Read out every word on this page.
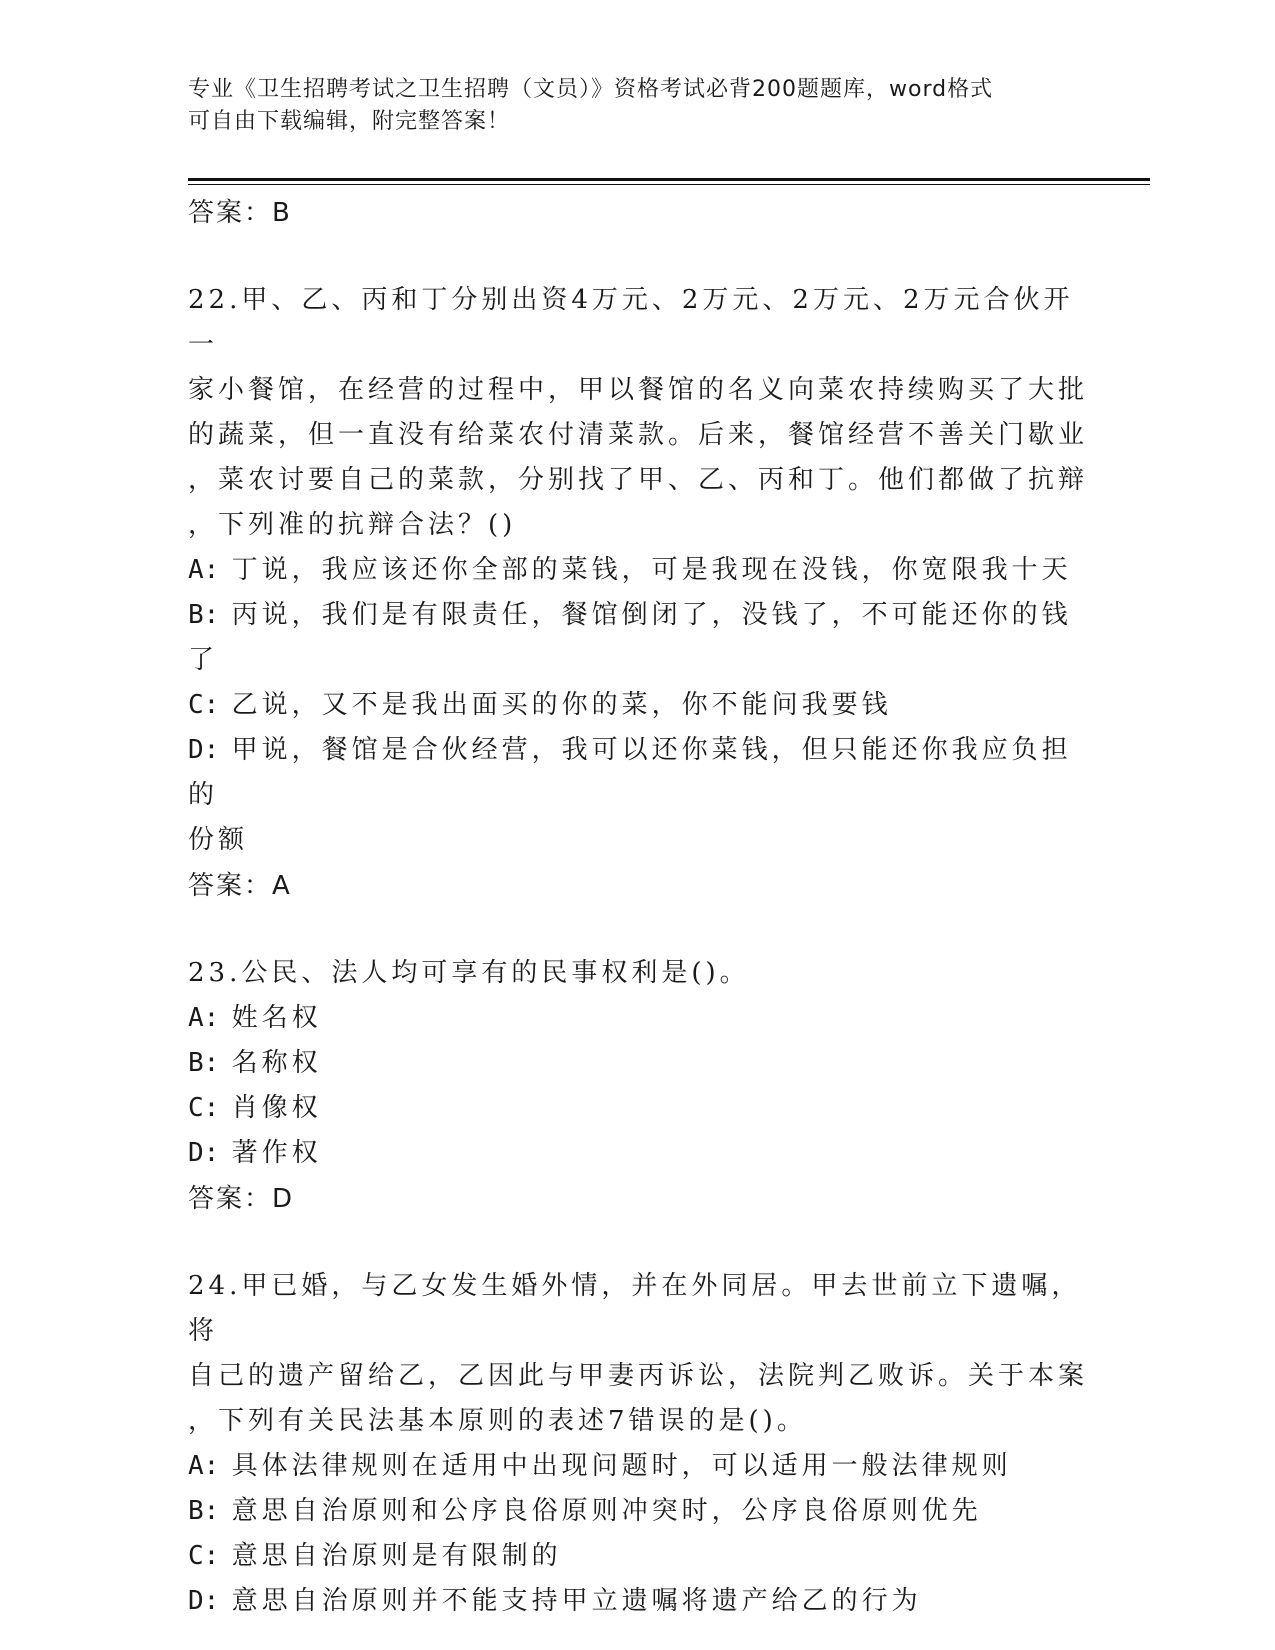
专业《卫生招聘考试之卫生招聘（文员）》资格考试必背200题题库，word格式
可自由下载编辑，附完整答案！
答案：B

22.甲、乙、丙和丁分别出资4万元、2万元、2万元、2万元合伙开一

家小餐馆，在经营的过程中，甲以餐馆的名义向菜农持续购买了大批

的蔬菜，但一直没有给菜农付清菜款。后来，餐馆经营不善关门歇业

，菜农讨要自己的菜款，分别找了甲、乙、丙和丁。他们都做了抗辩

，下列准的抗辩合法？()

A: 丁说，我应该还你全部的菜钱，可是我现在没钱，你宽限我十天

B: 丙说，我们是有限责任，餐馆倒闭了，没钱了，不可能还你的钱了

C: 乙说，又不是我出面买的你的菜，你不能问我要钱

D: 甲说，餐馆是合伙经营，我可以还你菜钱，但只能还你我应负担的

份额

答案：A

23.公民、法人均可享有的民事权利是()。

A: 姓名权

B: 名称权

C: 肖像权

D: 著作权

答案：D

24.甲已婚，与乙女发生婚外情，并在外同居。甲去世前立下遗嘱，将

自己的遗产留给乙，乙因此与甲妻丙诉讼，法院判乙败诉。关于本案

，下列有关民法基本原则的表述7错误的是()。

A: 具体法律规则在适用中出现问题时，可以适用一般法律规则

B: 意思自治原则和公序良俗原则冲突时，公序良俗原则优先

C: 意思自治原则是有限制的

D: 意思自治原则并不能支持甲立遗嘱将遗产给乙的行为
